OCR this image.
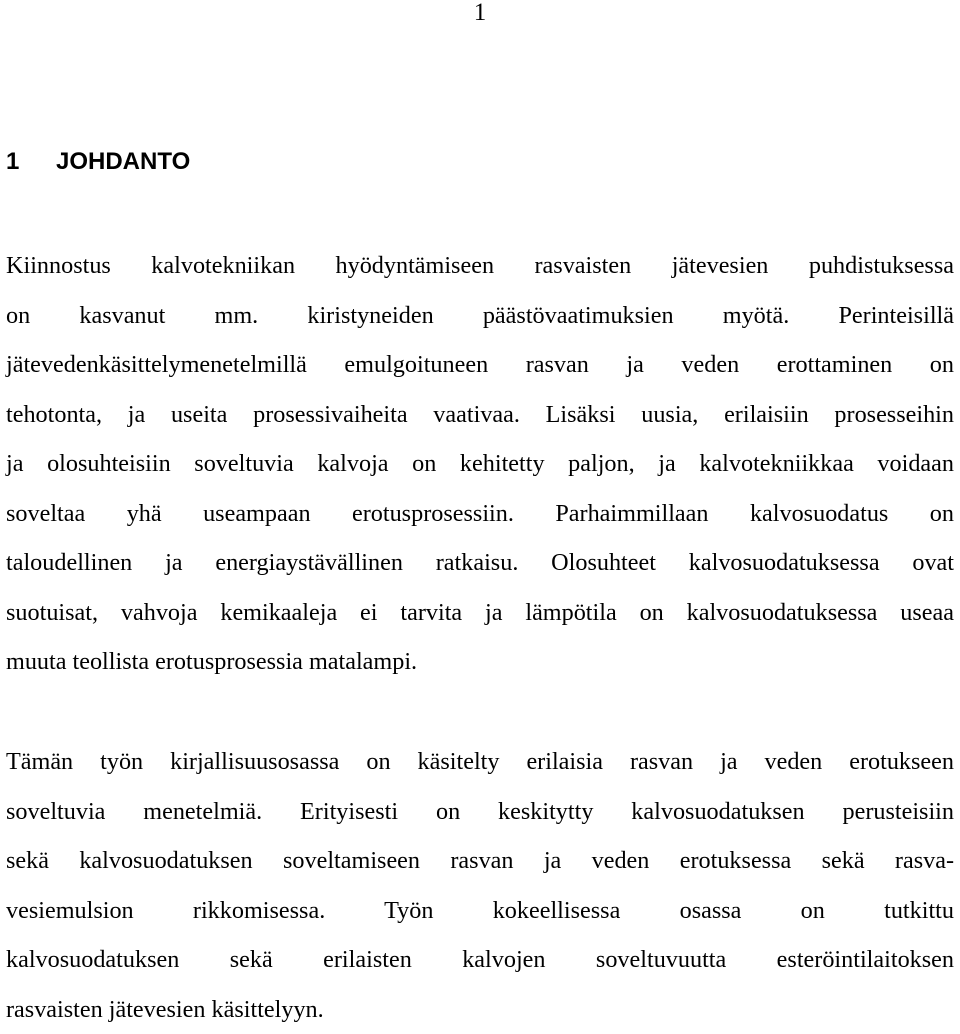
1
1 JOHDANTO
Kiinnostus kalvotekniikan hyödyntämiseen rasvaisten jätevesien puhdistuksessa
on kasvanut mm. kiristyneiden päästövaatimuksien myötä. Perinteisillä
jätevedenkäsittelymenetelmillä emulgoituneen rasvan ja veden erottaminen on
tehotonta, ja useita prosessivaiheita vaativaa. Lisäksi uusia, erilaisiin prosesseihin
ja olosuhteisiin soveltuvia kalvoja on kehitetty paljon, ja kalvotekniikkaa voidaan
soveltaa yhä useampaan erotusprosessiin. Parhaimmillaan kalvosuodatus on
taloudellinen ja energiaystävällinen ratkaisu. Olosuhteet kalvosuodatuksessa ovat
suotuisat, vahvoja kemikaaleja ei tarvita ja lämpötila on kalvosuodatuksessa useaa
muuta teollista erotusprosessia matalampi.
Tämän työn kirjallisuusosassa on käsitelty erilaisia rasvan ja veden erotukseen
soveltuvia menetelmiä. Erityisesti on keskitytty kalvosuodatuksen perusteisiin
sekä kalvosuodatuksen soveltamiseen rasvan ja veden erotuksessa sekä rasva-
vesiemulsion rikkomisessa. Työn kokeellisessa osassa on tutkittu
kalvosuodatuksen sekä erilaisten kalvojen soveltuvuutta esteröintilaitoksen
rasvaisten jätevesien käsittelyyn.
